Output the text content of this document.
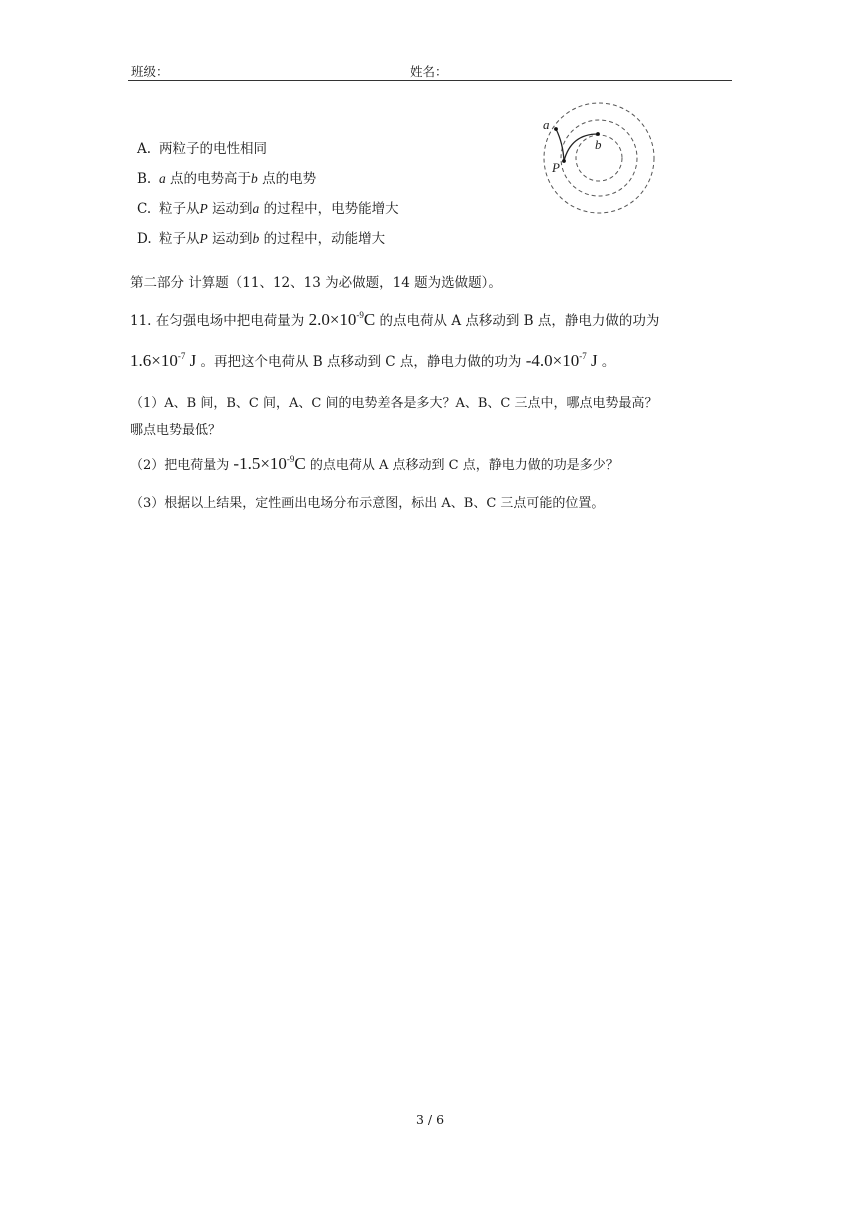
班级：	姓名：
A. 两粒子的电性相同
B. a 点的电势高于b 点的电势
C. 粒子从P 运动到a 的过程中，电势能增大
D. 粒子从P 运动到b 的过程中，动能增大
a
b
P
第二部分 计算题（11、12、13 为必做题，14 题为选做题）。
11. 在匀强电场中把电荷量为 $2.0\times 10^{-9}C$ 的点电荷从 A 点移动到 B 点，静电力做的功为
$1.6\times 10^{-7}$ J 。再把这个电荷从 B 点移动到 C 点，静电力做的功为 $-4.0\times 10^{-7}$ J 。
（1）A、B 间，B、C 间，A、C 间的电势差各是多大？A、B、C 三点中，哪点电势最高？
哪点电势最低？
（2）把电荷量为 $-1.5\times 10^{-9}C$ 的点电荷从 A 点移动到 C 点，静电力做的功是多少？
（3）根据以上结果，定性画出电场分布示意图，标出 A、B、C 三点可能的位置。
3 / 6
